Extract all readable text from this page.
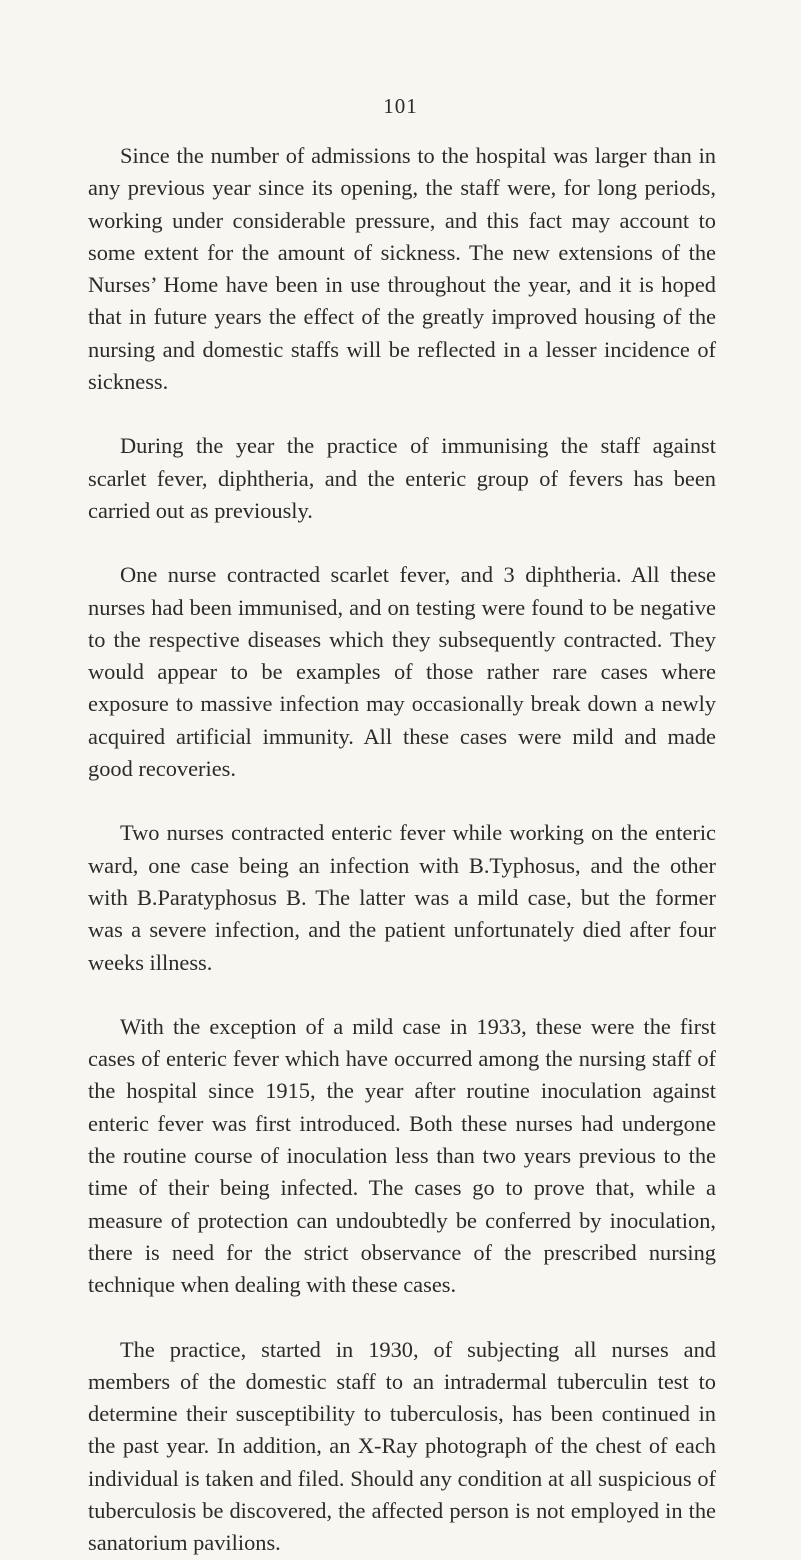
101

Since the number of admissions to the hospital was larger than in any previous year since its opening, the staff were, for long periods, working under considerable pressure, and this fact may account to some extent for the amount of sickness. The new extensions of the Nurses’ Home have been in use throughout the year, and it is hoped that in future years the effect of the greatly improved housing of the nursing and domestic staffs will be reflected in a lesser incidence of sickness.

During the year the practice of immunising the staff against scarlet fever, diphtheria, and the enteric group of fevers has been carried out as previously.

One nurse contracted scarlet fever, and 3 diphtheria. All these nurses had been immunised, and on testing were found to be negative to the respective diseases which they subsequently contracted. They would appear to be examples of those rather rare cases where exposure to massive infection may occasionally break down a newly acquired artificial immunity. All these cases were mild and made good recoveries.

Two nurses contracted enteric fever while working on the enteric ward, one case being an infection with B.Typhosus, and the other with B.Paratyphosus B. The latter was a mild case, but the former was a severe infection, and the patient unfortunately died after four weeks illness.

With the exception of a mild case in 1933, these were the first cases of enteric fever which have occurred among the nursing staff of the hospital since 1915, the year after routine inoculation against enteric fever was first introduced. Both these nurses had undergone the routine course of inoculation less than two years previous to the time of their being infected. The cases go to prove that, while a measure of protection can undoubtedly be conferred by inoculation, there is need for the strict observance of the prescribed nursing technique when dealing with these cases.

The practice, started in 1930, of subjecting all nurses and members of the domestic staff to an intradermal tuberculin test to determine their susceptibility to tuberculosis, has been continued in the past year. In addition, an X-Ray photograph of the chest of each individual is taken and filed. Should any condition at all suspicious of tuberculosis be discovered, the affected person is not employed in the sanatorium pavilions.
